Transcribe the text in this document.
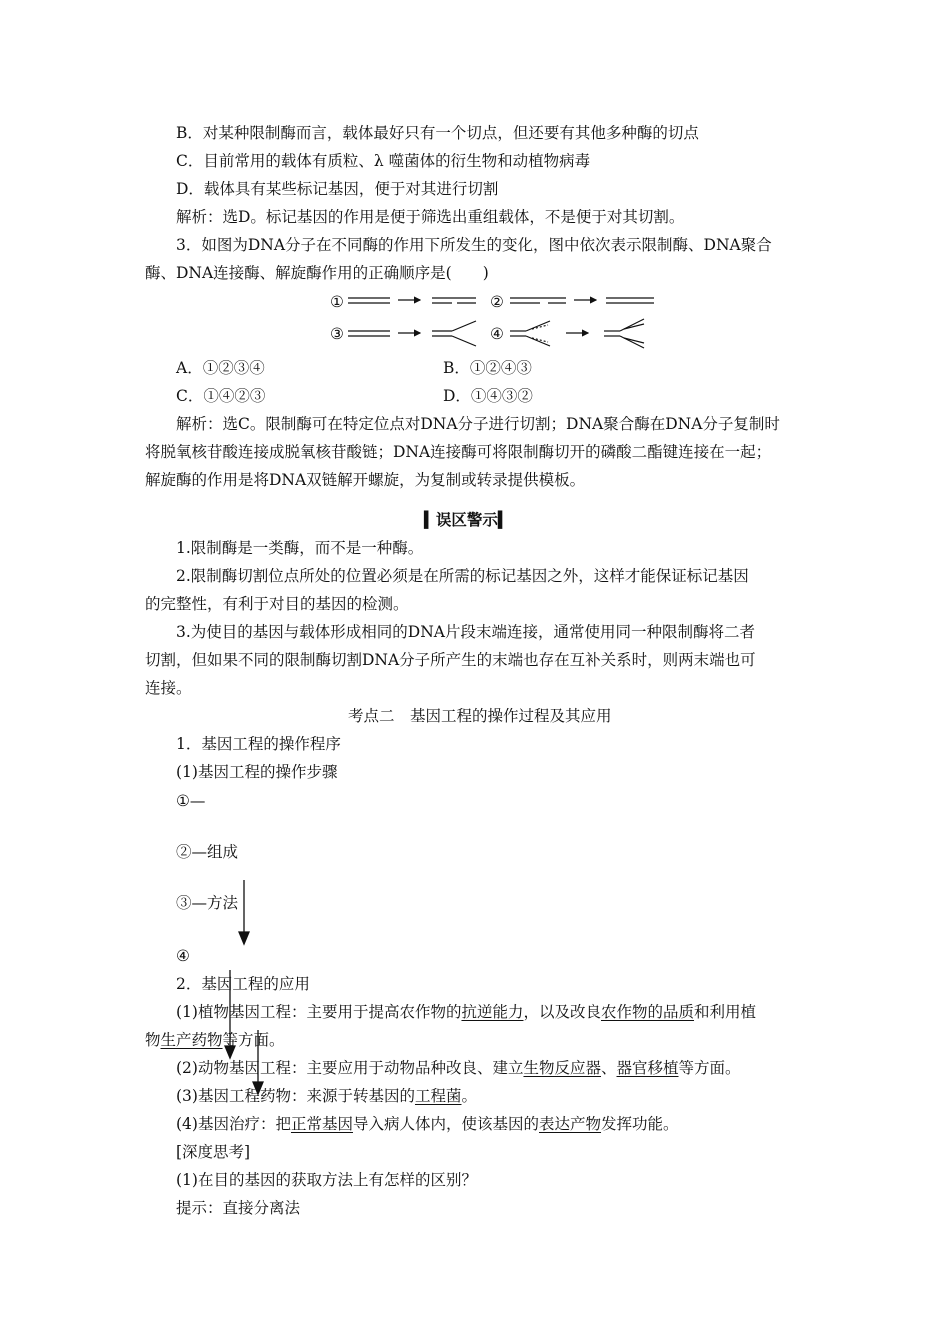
B．对某种限制酶而言，载体最好只有一个切点，但还要有其他多种酶的切点
C．目前常用的载体有质粒、λ 噬菌体的衍生物和动植物病毒
D．载体具有某些标记基因，便于对其进行切割
解析：选D。标记基因的作用是便于筛选出重组载体，不是便于对其切割。
3．如图为DNA分子在不同酶的作用下所发生的变化，图中依次表示限制酶、DNA聚合
酶、DNA连接酶、解旋酶作用的正确顺序是(　　)
①	②
③	④
A．①②③④	B．①②④③
C．①④②③	D．①④③②
解析：选C。限制酶可在特定位点对DNA分子进行切割；DNA聚合酶在DNA分子复制时
将脱氧核苷酸连接成脱氧核苷酸链；DNA连接酶可将限制酶切开的磷酸二酯键连接在一起；
解旋酶的作用是将DNA双链解开螺旋，为复制或转录提供模板。
▍误区警示▍
1.限制酶是一类酶，而不是一种酶。
2.限制酶切割位点所处的位置必须是在所需的标记基因之外，这样才能保证标记基因
的完整性，有利于对目的基因的检测。
3.为使目的基因与载体形成相同的DNA片段末端连接，通常使用同一种限制酶将二者
切割，但如果不同的限制酶切割DNA分子所产生的末端也存在互补关系时，则两末端也可
连接。
考点二　基因工程的操作过程及其应用
1．基因工程的操作程序
(1)基因工程的操作步骤
①—
②—组成
③—方法
④
2．基因工程的应用
(1)植物基因工程：主要用于提高农作物的抗逆能力，以及改良农作物的品质和利用植
物生产药物等方面。
(2)动物基因工程：主要应用于动物品种改良、建立生物反应器、器官移植等方面。
(3)基因工程药物：来源于转基因的工程菌。
(4)基因治疗：把正常基因导入病人体内，使该基因的表达产物发挥功能。
[深度思考]
(1)在目的基因的获取方法上有怎样的区别？
提示：直接分离法
